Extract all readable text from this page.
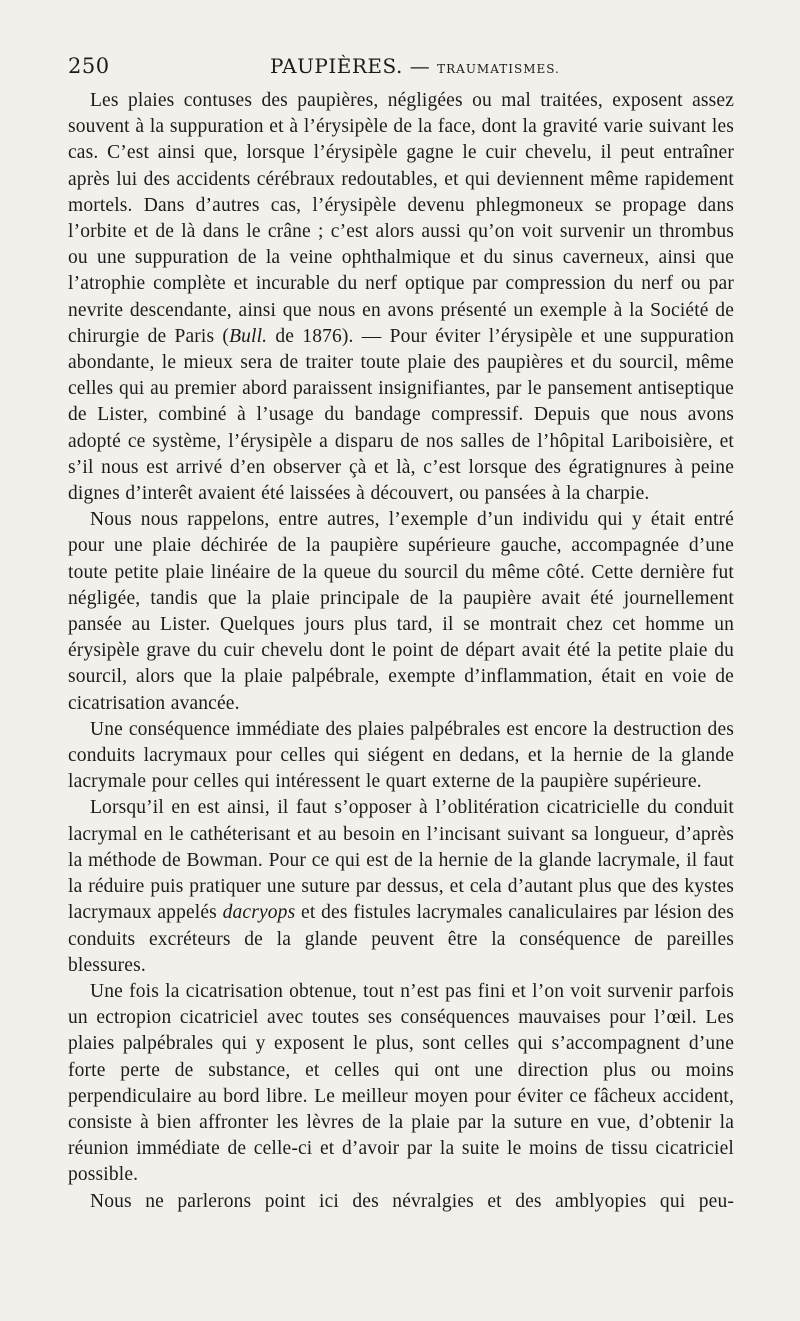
250	PAUPIÈRES. — TRAUMATISMES.

Les plaies contuses des paupières, négligées ou mal traitées, exposent assez souvent à la suppuration et à l’érysipèle de la face, dont la gravité varie suivant les cas. C’est ainsi que, lorsque l’érysipèle gagne le cuir chevelu, il peut entraîner après lui des accidents cérébraux redoutables, et qui deviennent même rapidement mortels. Dans d’autres cas, l’érysipèle devenu phlegmoneux se propage dans l’orbite et de là dans le crâne ; c’est alors aussi qu’on voit survenir un thrombus ou une suppuration de la veine ophthalmique et du sinus caverneux, ainsi que l’atrophie complète et incurable du nerf optique par compression du nerf ou par nevrite descendante, ainsi que nous en avons présenté un exemple à la Société de chirurgie de Paris (Bull. de 1876). — Pour éviter l’érysipèle et une suppuration abondante, le mieux sera de traiter toute plaie des paupières et du sourcil, même celles qui au premier abord paraissent insignifiantes, par le pansement antiseptique de Lister, combiné à l’usage du bandage compressif. Depuis que nous avons adopté ce système, l’érysipèle a disparu de nos salles de l’hôpital Lariboisière, et s’il nous est arrivé d’en observer çà et là, c’est lorsque des égratignures à peine dignes d’interêt avaient été laissées à découvert, ou pansées à la charpie.

Nous nous rappelons, entre autres, l’exemple d’un individu qui y était entré pour une plaie déchirée de la paupière supérieure gauche, accompagnée d’une toute petite plaie linéaire de la queue du sourcil du même côté. Cette dernière fut négligée, tandis que la plaie principale de la paupière avait été journellement pansée au Lister. Quelques jours plus tard, il se montrait chez cet homme un érysipèle grave du cuir chevelu dont le point de départ avait été la petite plaie du sourcil, alors que la plaie palpébrale, exempte d’inflammation, était en voie de cicatrisation avancée.

Une conséquence immédiate des plaies palpébrales est encore la destruction des conduits lacrymaux pour celles qui siégent en dedans, et la hernie de la glande lacrymale pour celles qui intéressent le quart externe de la paupière supérieure.

Lorsqu’il en est ainsi, il faut s’opposer à l’oblitération cicatricielle du conduit lacrymal en le cathéterisant et au besoin en l’incisant suivant sa longueur, d’après la méthode de Bowman. Pour ce qui est de la hernie de la glande lacrymale, il faut la réduire puis pratiquer une suture par dessus, et cela d’autant plus que des kystes lacrymaux appelés dacryops et des fistules lacrymales canaliculaires par lésion des conduits excréteurs de la glande peuvent être la conséquence de pareilles blessures.

Une fois la cicatrisation obtenue, tout n’est pas fini et l’on voit survenir parfois un ectropion cicatriciel avec toutes ses conséquences mauvaises pour l’œil. Les plaies palpébrales qui y exposent le plus, sont celles qui s’accompagnent d’une forte perte de substance, et celles qui ont une direction plus ou moins perpendiculaire au bord libre. Le meilleur moyen pour éviter ce fâcheux accident, consiste à bien affronter les lèvres de la plaie par la suture en vue, d’obtenir la réunion immédiate de celle-ci et d’avoir par la suite le moins de tissu cicatriciel possible.

Nous ne parlerons point ici des névralgies et des amblyopies qui peu-
